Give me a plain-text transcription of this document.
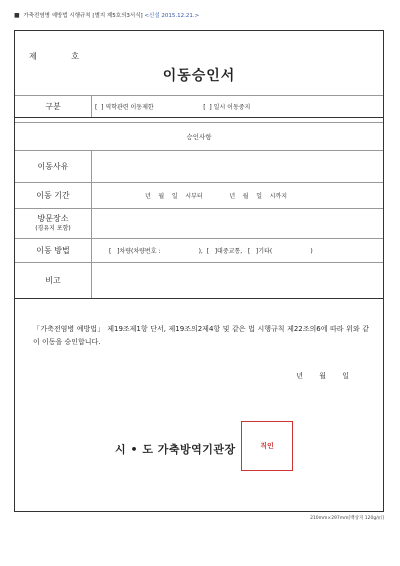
■ 가축전염병 예방법 시행규칙 [별지 제5호의3서식] <신설 2015.12.21.>
제 호
이동승인서
구분	[  ] 역학관련 이동제한                          [  ] 일시 이동중지
승인사항
이동사유
이동 기간	년    월    일    시부터              년    월    일    시까지
방문장소
(경유지 포함)
이동 방법	[   ]차량(차량번호 :                    ),  [   ]대중교통,   [   ]기타(                    )
비고
「가축전염병 예방법」 제19조제1항 단서, 제19조의2제4항 및 같은 법 시행규칙 제22조의6에 따라 위와 같이 이동을 승인합니다.
년 월 일
시 • 도 가축방역기관장	직인
210mm×297mm[백상지 120g/㎡]
